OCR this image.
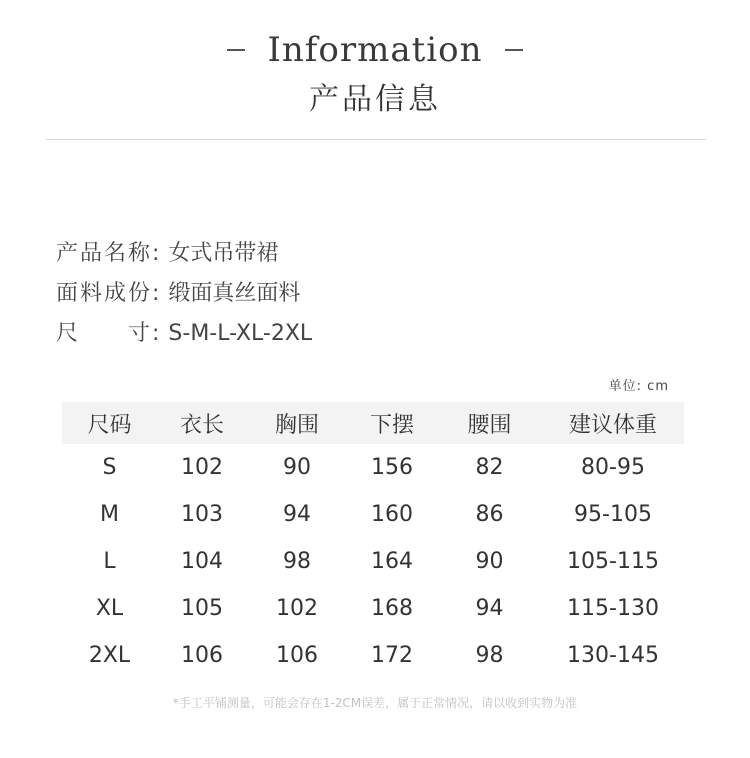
Information
产品信息
产品名称: 女式吊带裙
面料成份: 缎面真丝面料
尺　　寸: S-M-L-XL-2XL
单位: cm
尺码	衣长	胸围	下摆	腰围	建议体重
S	102	90	156	82	80-95
M	103	94	160	86	95-105
L	104	98	164	90	105-115
XL	105	102	168	94	115-130
2XL	106	106	172	98	130-145
*手工平铺测量，可能会存在1-2CM误差，属于正常情况，请以收到实物为准
